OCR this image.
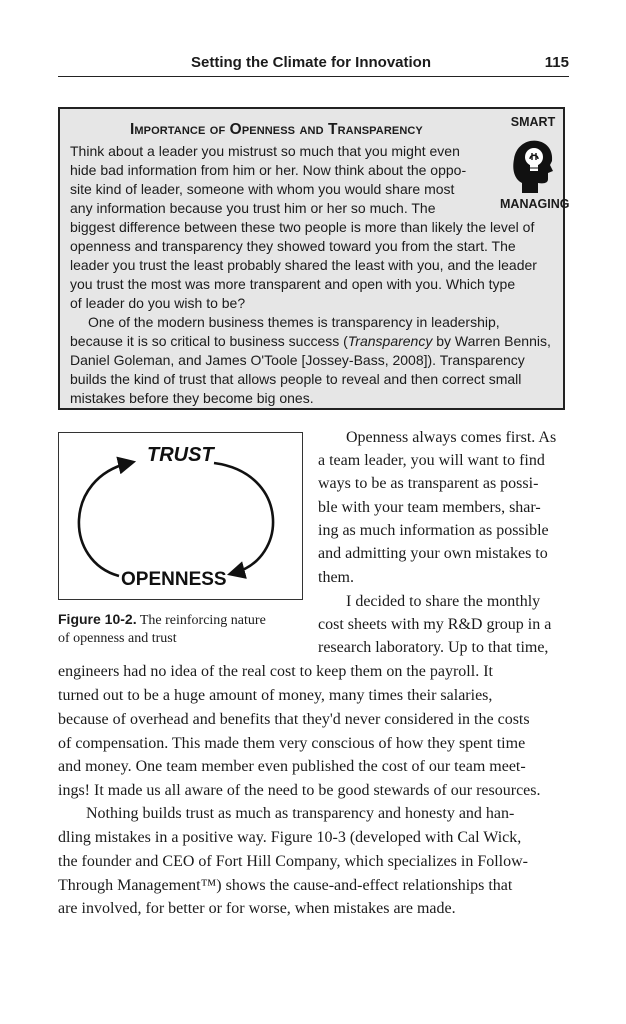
Setting the Climate for Innovation	115
Importance of Openness and Transparency	SMART
MANAGING
Think about a leader you mistrust so much that you might even
hide bad information from him or her. Now think about the oppo-
site kind of leader, someone with whom you would share most
any information because you trust him or her so much. The
biggest difference between these two people is more than likely the level of
openness and transparency they showed toward you from the start. The
leader you trust the least probably shared the least with you, and the leader
you trust the most was more transparent and open with you. Which type
of leader do you wish to be?
One of the modern business themes is transparency in leadership,
because it is so critical to business success (Transparency by Warren Bennis,
Daniel Goleman, and James O'Toole [Jossey-Bass, 2008]). Transparency
builds the kind of trust that allows people to reveal and then correct small
mistakes before they become big ones.
TRUST
OPENNESS
Figure 10-2. The reinforcing nature
of openness and trust
Openness always comes first. As
a team leader, you will want to find
ways to be as transparent as possi-
ble with your team members, shar-
ing as much information as possible
and admitting your own mistakes to
them.
I decided to share the monthly
cost sheets with my R&D group in a
research laboratory. Up to that time,
engineers had no idea of the real cost to keep them on the payroll. It
turned out to be a huge amount of money, many times their salaries,
because of overhead and benefits that they'd never considered in the costs
of compensation. This made them very conscious of how they spent time
and money. One team member even published the cost of our team meet-
ings! It made us all aware of the need to be good stewards of our resources.
Nothing builds trust as much as transparency and honesty and han-
dling mistakes in a positive way. Figure 10-3 (developed with Cal Wick,
the founder and CEO of Fort Hill Company, which specializes in Follow-
Through Management™) shows the cause-and-effect relationships that
are involved, for better or for worse, when mistakes are made.
